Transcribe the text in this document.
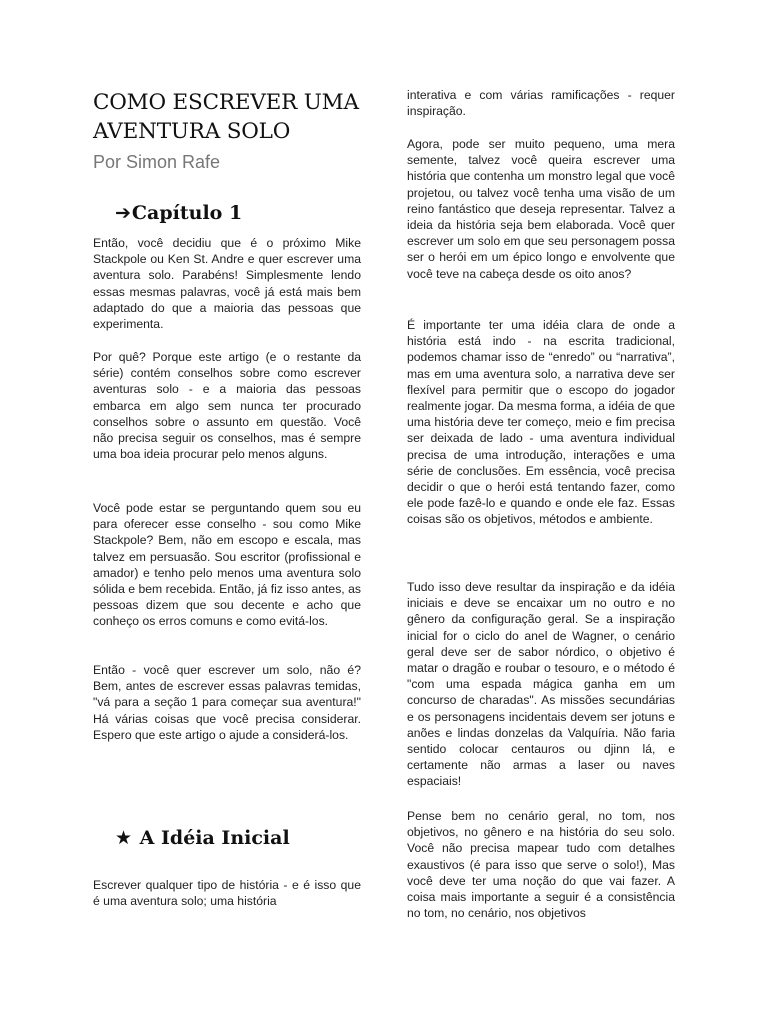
COMO ESCREVER UMA AVENTURA SOLO

Por Simon Rafe

➔Capítulo 1

Então, você decidiu que é o próximo Mike Stackpole ou Ken St. Andre e quer escrever uma aventura solo. Parabéns! Simplesmente lendo essas mesmas palavras, você já está mais bem adaptado do que a maioria das pessoas que experimenta.

Por quê? Porque este artigo (e o restante da série) contém conselhos sobre como escrever aventuras solo - e a maioria das pessoas embarca em algo sem nunca ter procurado conselhos sobre o assunto em questão. Você não precisa seguir os conselhos, mas é sempre uma boa ideia procurar pelo menos alguns.

Você pode estar se perguntando quem sou eu para oferecer esse conselho - sou como Mike Stackpole? Bem, não em escopo e escala, mas talvez em persuasão. Sou escritor (profissional e amador) e tenho pelo menos uma aventura solo sólida e bem recebida. Então, já fiz isso antes, as pessoas dizem que sou decente e acho que conheço os erros comuns e como evitá-los.

Então - você quer escrever um solo, não é? Bem, antes de escrever essas palavras temidas, "vá para a seção 1 para começar sua aventura!" Há várias coisas que você precisa considerar. Espero que este artigo o ajude a considerá-los.

★ A Idéia Inicial

Escrever qualquer tipo de história - e é isso que é uma aventura solo; uma história

interativa e com várias ramificações - requer inspiração.

Agora, pode ser muito pequeno, uma mera semente, talvez você queira escrever uma história que contenha um monstro legal que você projetou, ou talvez você tenha uma visão de um reino fantástico que deseja representar. Talvez a ideia da história seja bem elaborada. Você quer escrever um solo em que seu personagem possa ser o herói em um épico longo e envolvente que você teve na cabeça desde os oito anos?

É importante ter uma idéia clara de onde a história está indo - na escrita tradicional, podemos chamar isso de “enredo” ou “narrativa”, mas em uma aventura solo, a narrativa deve ser flexível para permitir que o escopo do jogador realmente jogar. Da mesma forma, a idéia de que uma história deve ter começo, meio e fim precisa ser deixada de lado - uma aventura individual precisa de uma introdução, interações e uma série de conclusões. Em essência, você precisa decidir o que o herói está tentando fazer, como ele pode fazê-lo e quando e onde ele faz. Essas coisas são os objetivos, métodos e ambiente.

Tudo isso deve resultar da inspiração e da idéia iniciais e deve se encaixar um no outro e no gênero da configuração geral. Se a inspiração inicial for o ciclo do anel de Wagner, o cenário geral deve ser de sabor nórdico, o objetivo é matar o dragão e roubar o tesouro, e o método é "com uma espada mágica ganha em um concurso de charadas". As missões secundárias e os personagens incidentais devem ser jotuns e anões e lindas donzelas da Valquíria. Não faria sentido colocar centauros ou djinn lá, e certamente não armas a laser ou naves espaciais!

Pense bem no cenário geral, no tom, nos objetivos, no gênero e na história do seu solo. Você não precisa mapear tudo com detalhes exaustivos (é para isso que serve o solo!), Mas você deve ter uma noção do que vai fazer. A coisa mais importante a seguir é a consistência no tom, no cenário, nos objetivos
